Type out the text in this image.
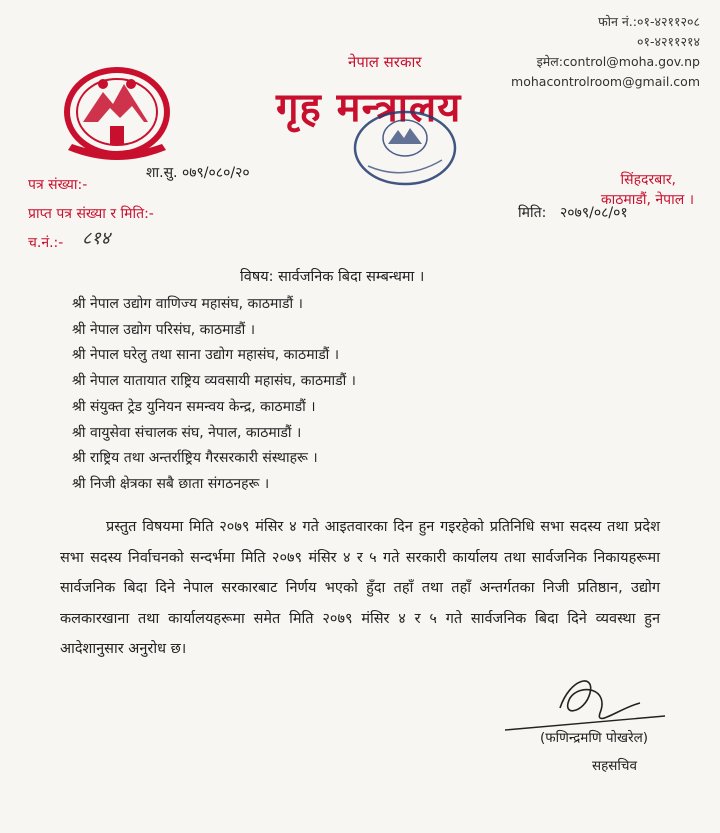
फोन नं.:०१-४२११२०८
०१-४२११२१४
इमेल:control@moha.gov.np
mohacontrolroom@gmail.com
नेपाल सरकार
गृह मन्त्रालय
सिंहदरबार,
काठमाडौं, नेपाल ।
पत्र संख्या:-
शा.सु. ०७९/०८०/२०
प्राप्त पत्र संख्या र मिति:-
च.नं.:- ८१४
मिति: २०७९/०८/०१
विषय: सार्वजनिक बिदा सम्बन्धमा ।
श्री नेपाल उद्योग वाणिज्य महासंघ, काठमाडौं ।
श्री नेपाल उद्योग परिसंघ, काठमाडौं ।
श्री नेपाल घरेलु तथा साना उद्योग महासंघ, काठमाडौं ।
श्री नेपाल यातायात राष्ट्रिय व्यवसायी महासंघ, काठमाडौं ।
श्री संयुक्त ट्रेड युनियन समन्वय केन्द्र, काठमाडौं ।
श्री वायुसेवा संचालक संघ, नेपाल, काठमाडौं ।
श्री राष्ट्रिय तथा अन्तर्राष्ट्रिय गैरसरकारी संस्थाहरू ।
श्री निजी क्षेत्रका सबै छाता संगठनहरू ।

प्रस्तुत विषयमा मिति २०७९ मंसिर ४ गते आइतवारका दिन हुन गइरहेको प्रतिनिधि सभा सदस्य तथा प्रदेश सभा सदस्य निर्वाचनको सन्दर्भमा मिति २०७९ मंसिर ४ र ५ गते सरकारी कार्यालय तथा सार्वजनिक निकायहरूमा सार्वजनिक बिदा दिने नेपाल सरकारबाट निर्णय भएको हुँदा तहाँ तथा तहाँ अन्तर्गतका निजी प्रतिष्ठान, उद्योग कलकारखाना तथा कार्यालयहरूमा समेत मिति २०७९ मंसिर ४ र ५ गते सार्वजनिक बिदा दिने व्यवस्था हुन आदेशानुसार अनुरोध छ।

(फणिन्द्रमणि पोखरेल)
सहसचिव
